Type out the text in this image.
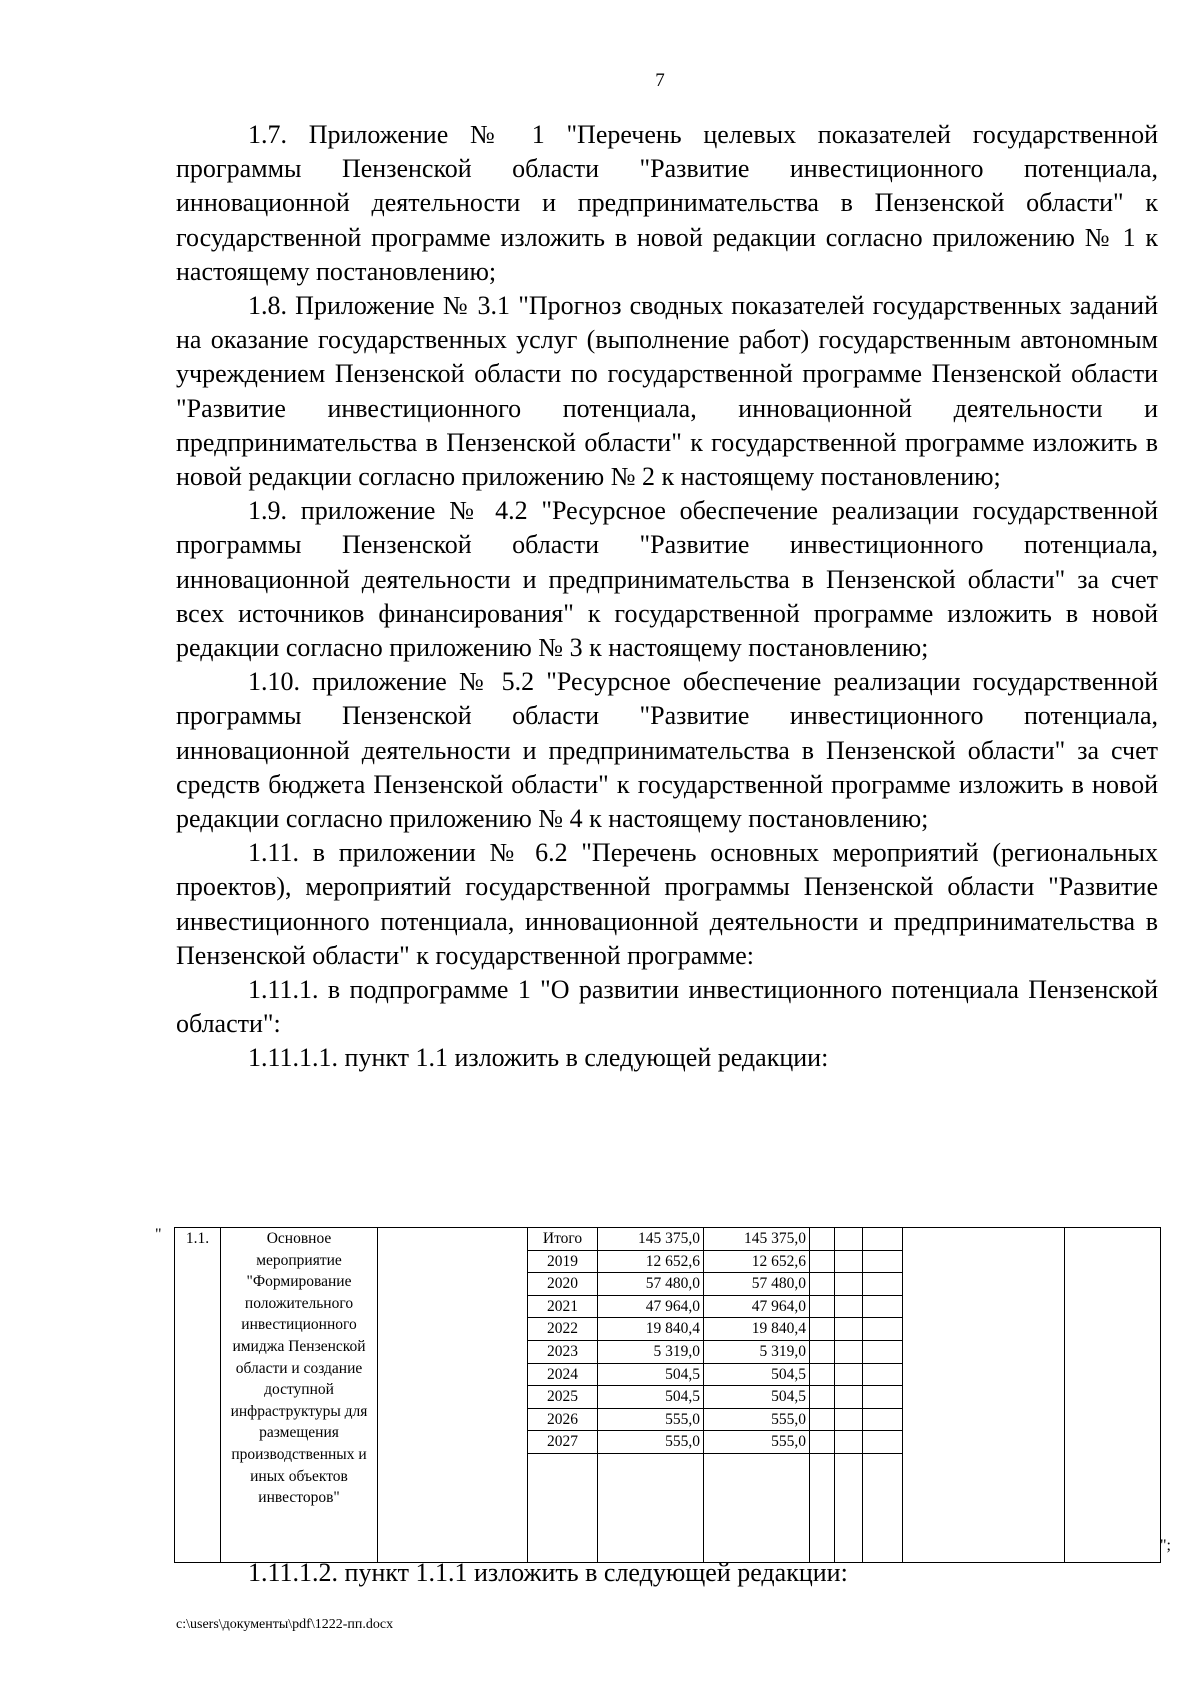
7

1.7. Приложение № 1 "Перечень целевых показателей государственной программы Пензенской области "Развитие инвестиционного потенциала, инновационной деятельности и предпринимательства в Пензенской области" к государственной программе изложить в новой редакции согласно приложению № 1 к настоящему постановлению;

1.8. Приложение № 3.1 "Прогноз сводных показателей государственных заданий на оказание государственных услуг (выполнение работ) государственным автономным учреждением Пензенской области по государственной программе Пензенской области "Развитие инвестиционного потенциала, инновационной деятельности и предпринимательства в Пензенской области" к государственной программе изложить в новой редакции согласно приложению № 2 к настоящему постановлению;

1.9. приложение № 4.2 "Ресурсное обеспечение реализации государственной программы Пензенской области "Развитие инвестиционного потенциала, инновационной деятельности и предпринимательства в Пензенской области" за счет всех источников финансирования" к государственной программе изложить в новой редакции согласно приложению № 3 к настоящему постановлению;

1.10. приложение № 5.2 "Ресурсное обеспечение реализации государственной программы Пензенской области "Развитие инвестиционного потенциала, инновационной деятельности и предпринимательства в Пензенской области" за счет средств бюджета Пензенской области" к государственной программе изложить в новой редакции согласно приложению № 4 к настоящему постановлению;

1.11. в приложении № 6.2 "Перечень основных мероприятий (региональных проектов), мероприятий государственной программы Пензенской области "Развитие инвестиционного потенциала, инновационной деятельности и предпринимательства в Пензенской области" к государственной программе:

1.11.1. в подпрограмме 1 "О развитии инвестиционного потенциала Пензенской области":

1.11.1.1. пункт 1.1 изложить в следующей редакции:

" 1.1.	Основное мероприятие "Формирование положительного инвестиционного имиджа Пензенской области и создание доступной инфраструктуры для размещения производственных и иных объектов инвесторов"		Итого	145 375,0	145 375,0					
			2019	12 652,6	12 652,6					
			2020	57 480,0	57 480,0					
			2021	47 964,0	47 964,0					
			2022	19 840,4	19 840,4					
			2023	5 319,0	5 319,0					
			2024	504,5	504,5					
			2025	504,5	504,5					
			2026	555,0	555,0					
			2027	555,0	555,0					

";

1.11.1.2. пункт 1.1.1 изложить в следующей редакции:

c:\users\документы\pdf\1222-пп.docx
